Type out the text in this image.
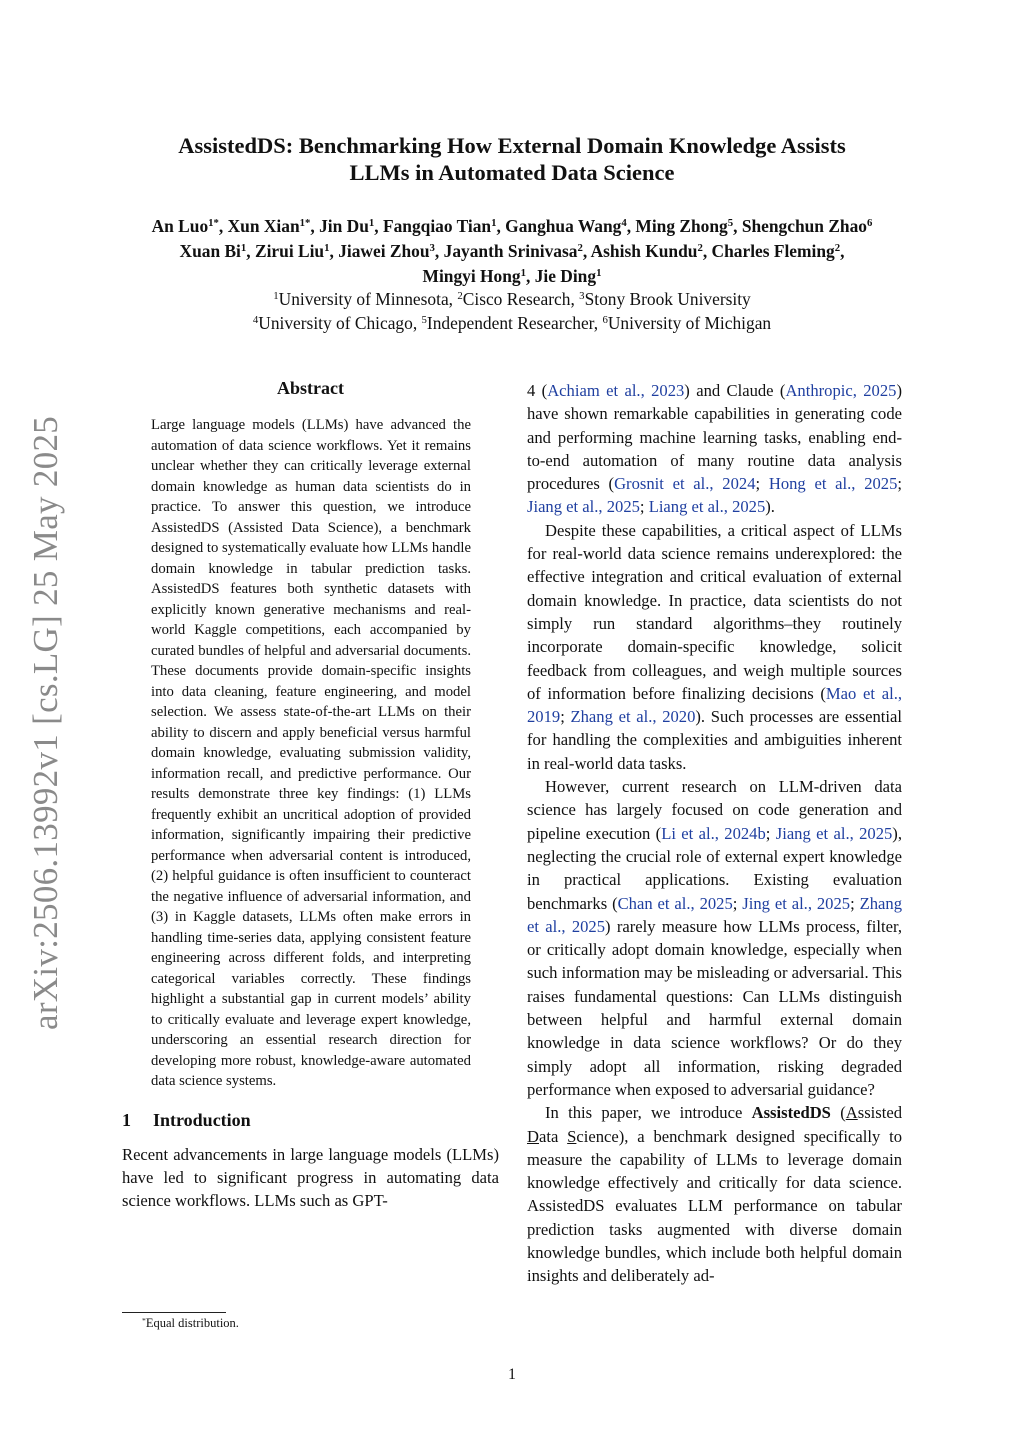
arXiv:2506.13992v1 [cs.LG] 25 May 2025
AssistedDS: Benchmarking How External Domain Knowledge Assists
LLMs in Automated Data Science
An Luo$^{1*}$, Xun Xian$^{1*}$, Jin Du$^1$, Fangqiao Tian$^1$, Ganghua Wang$^4$, Ming Zhong$^5$, Shengchun Zhao$^6$
Xuan Bi$^1$, Zirui Liu$^1$, Jiawei Zhou$^3$, Jayanth Srinivasa$^2$, Ashish Kundu$^2$, Charles Fleming$^2$,
Mingyi Hong$^1$, Jie Ding$^1$
$^1$University of Minnesota, $^2$Cisco Research, $^3$Stony Brook University
$^4$University of Chicago, $^5$Independent Researcher, $^6$University of Michigan
Abstract

Large language models (LLMs) have advanced the automation of data science workflows. Yet it remains unclear whether they can critically leverage external domain knowledge as human data scientists do in practice. To answer this question, we introduce AssistedDS (Assisted Data Science), a benchmark designed to systematically evaluate how LLMs handle domain knowledge in tabular prediction tasks. AssistedDS features both synthetic datasets with explicitly known generative mechanisms and real-world Kaggle competitions, each accompanied by curated bundles of helpful and adversarial documents. These documents provide domain-specific insights into data cleaning, feature engineering, and model selection. We assess state-of-the-art LLMs on their ability to discern and apply beneficial versus harmful domain knowledge, evaluating submission validity, information recall, and predictive performance. Our results demonstrate three key findings: (1) LLMs frequently exhibit an uncritical adoption of provided information, significantly impairing their predictive performance when adversarial content is introduced, (2) helpful guidance is often insufficient to counteract the negative influence of adversarial information, and (3) in Kaggle datasets, LLMs often make errors in handling time-series data, applying consistent feature engineering across different folds, and interpreting categorical variables correctly. These findings highlight a substantial gap in current models’ ability to critically evaluate and leverage expert knowledge, underscoring an essential research direction for developing more robust, knowledge-aware automated data science systems.

1	Introduction

Recent advancements in large language models (LLMs) have led to significant progress in automating data science workflows. LLMs such as GPT-

4 (Achiam et al., 2023) and Claude (Anthropic, 2025) have shown remarkable capabilities in generating code and performing machine learning tasks, enabling end-to-end automation of many routine data analysis procedures (Grosnit et al., 2024; Hong et al., 2025; Jiang et al., 2025; Liang et al., 2025).

Despite these capabilities, a critical aspect of LLMs for real-world data science remains underexplored: the effective integration and critical evaluation of external domain knowledge. In practice, data scientists do not simply run standard algorithms–they routinely incorporate domain-specific knowledge, solicit feedback from colleagues, and weigh multiple sources of information before finalizing decisions (Mao et al., 2019; Zhang et al., 2020). Such processes are essential for handling the complexities and ambiguities inherent in real-world data tasks.

However, current research on LLM-driven data science has largely focused on code generation and pipeline execution (Li et al., 2024b; Jiang et al., 2025), neglecting the crucial role of external expert knowledge in practical applications. Existing evaluation benchmarks (Chan et al., 2025; Jing et al., 2025; Zhang et al., 2025) rarely measure how LLMs process, filter, or critically adopt domain knowledge, especially when such information may be misleading or adversarial. This raises fundamental questions: Can LLMs distinguish between helpful and harmful external domain knowledge in data science workflows? Or do they simply adopt all information, risking degraded performance when exposed to adversarial guidance?

In this paper, we introduce AssistedDS (Assisted Data Science), a benchmark designed specifically to measure the capability of LLMs to leverage domain knowledge effectively and critically for data science. AssistedDS evaluates LLM performance on tabular prediction tasks augmented with diverse domain knowledge bundles, which include both helpful domain insights and deliberately ad-

*Equal distribution.
1
